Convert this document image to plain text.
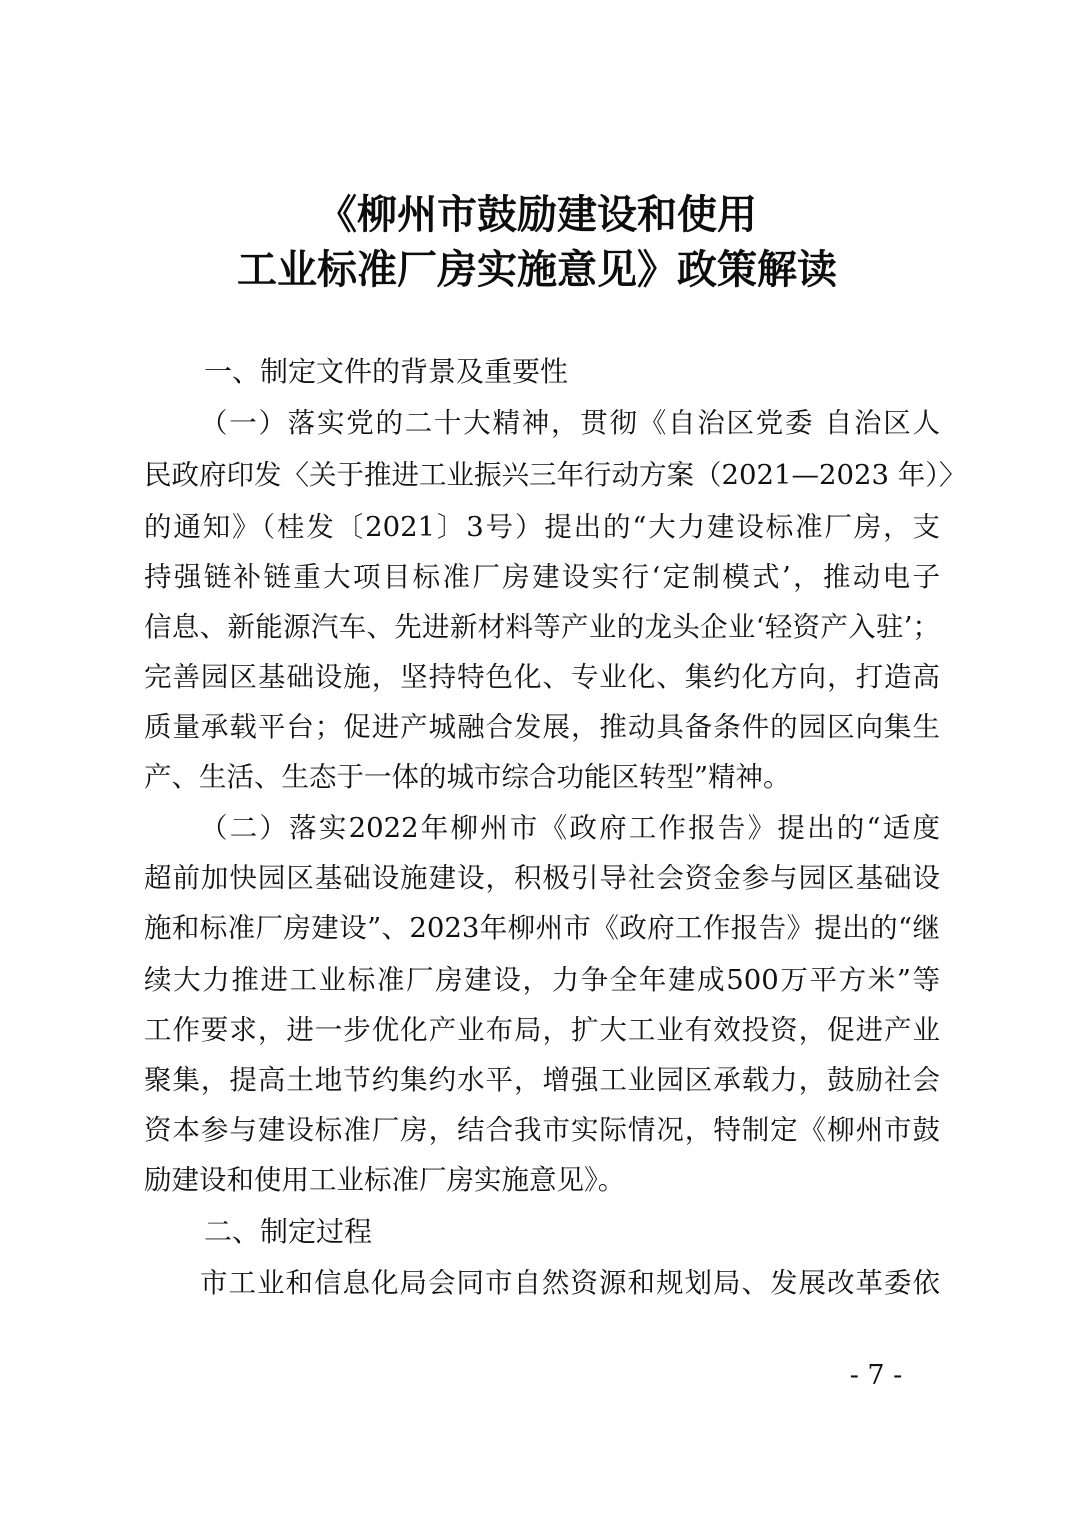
《柳州市鼓励建设和使用
工业标准厂房实施意见》政策解读
一、制定文件的背景及重要性
（一）落实党的二十大精神，贯彻《自治区党委 自治区人
民政府印发〈关于推进工业振兴三年行动方案（2021—2023 年）〉
的通知》（桂发〔2021〕3号）提出的“大力建设标准厂房，支
持强链补链重大项目标准厂房建设实行‘定制模式’，推动电子
信息、新能源汽车、先进新材料等产业的龙头企业‘轻资产入驻’；
完善园区基础设施，坚持特色化、专业化、集约化方向，打造高
质量承载平台；促进产城融合发展，推动具备条件的园区向集生
产、生活、生态于一体的城市综合功能区转型”精神。
（二）落实2022年柳州市《政府工作报告》提出的“适度
超前加快园区基础设施建设，积极引导社会资金参与园区基础设
施和标准厂房建设”、2023年柳州市《政府工作报告》提出的“继
续大力推进工业标准厂房建设，力争全年建成500万平方米”等
工作要求，进一步优化产业布局，扩大工业有效投资，促进产业
聚集，提高土地节约集约水平，增强工业园区承载力，鼓励社会
资本参与建设标准厂房，结合我市实际情况，特制定《柳州市鼓
励建设和使用工业标准厂房实施意见》。
二、制定过程
市工业和信息化局会同市自然资源和规划局、发展改革委依
- 7 -
